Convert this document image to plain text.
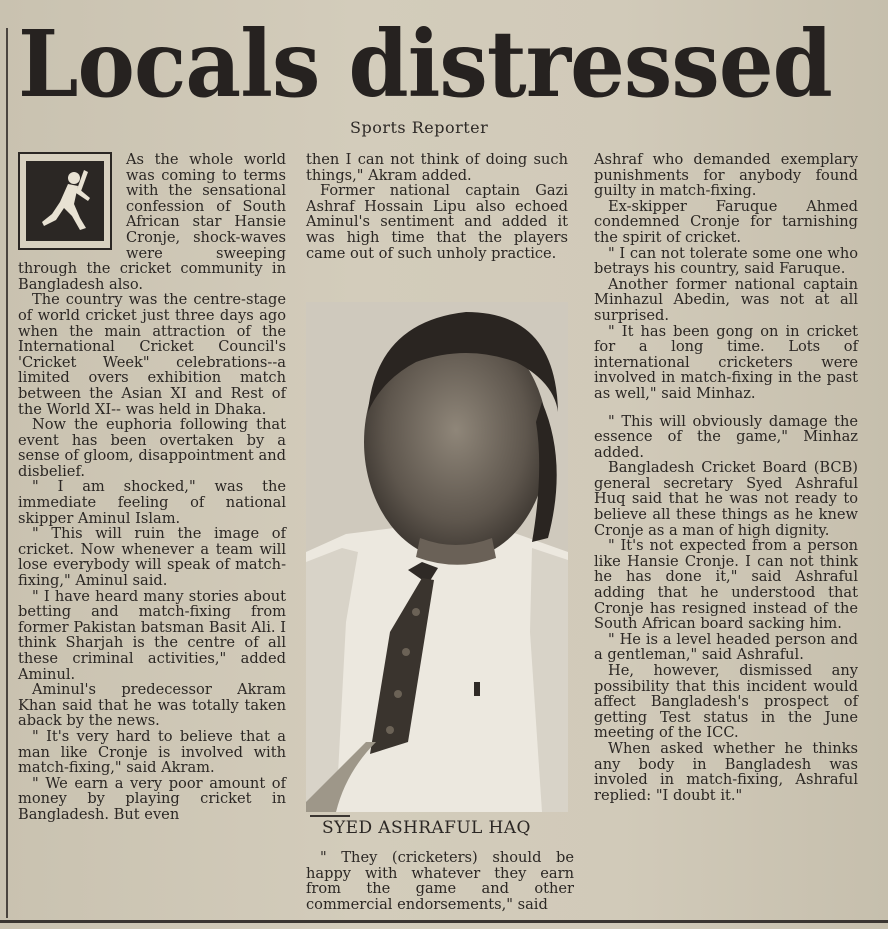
Locals distressed
Sports Reporter

As the whole world was coming to terms with the sensational confession of South African star Hansie Cronje, shock-waves were sweeping through the cricket community in Bangladesh also.

The country was the centre-stage of world cricket just three days ago when the main attraction of the International Cricket Council's 'Cricket Week" celebrations--a limited overs exhibition match between the Asian XI and Rest of the World XI-- was held in Dhaka.

Now the euphoria following that event has been overtaken by a sense of gloom, disappointment and disbelief.

" I am shocked," was the immediate feeling of national skipper Aminul Islam.

" This will ruin the image of cricket. Now whenever a team will lose everybody will speak of match-fixing," Aminul said.

" I have heard many stories about betting and match-fixing from former Pakistan batsman Basit Ali. I think Sharjah is the centre of all these criminal activities," added Aminul.

Aminul's predecessor Akram Khan said that he was totally taken aback by the news.

" It's very hard to believe that a man like Cronje is involved with match-fixing," said Akram.

" We earn a very poor amount of money by playing cricket in Bangladesh. But even

then I can not think of doing such things," Akram added.

Former national captain Gazi Ashraf Hossain Lipu also echoed Aminul's sentiment and added it was high time that the players came out of such unholy practice.

SYED ASHRAFUL HAQ

" They (cricketers) should be happy with whatever they earn from the game and other commercial endorsements," said

Ashraf who demanded exemplary punishments for anybody found guilty in match-fixing.

Ex-skipper Faruque Ahmed condemned Cronje for tarnishing the spirit of cricket.

" I can not tolerate some one who betrays his country, said Faruque.

Another former national captain Minhazul Abedin, was not at all surprised.

" It has been gong on in cricket for a long time. Lots of international cricketers were involved in match-fixing in the past as well," said Minhaz.

" This will obviously damage the essence of the game," Minhaz added.

Bangladesh Cricket Board (BCB) general secretary Syed Ashraful Huq said that he was not ready to believe all these things as he knew Cronje as a man of high dignity.

" It's not expected from a person like Hansie Cronje. I can not think he has done it," said Ashraful adding that he understood that Cronje has resigned instead of the South African board sacking him.

" He is a level headed person and a gentleman," said Ashraful.

He, however, dismissed any possibility that this incident would affect Bangladesh's prospect of getting Test status in the June meeting of the ICC.

When asked whether he thinks any body in Bangladesh was involed in match-fixing, Ashraful replied: "I doubt it."
